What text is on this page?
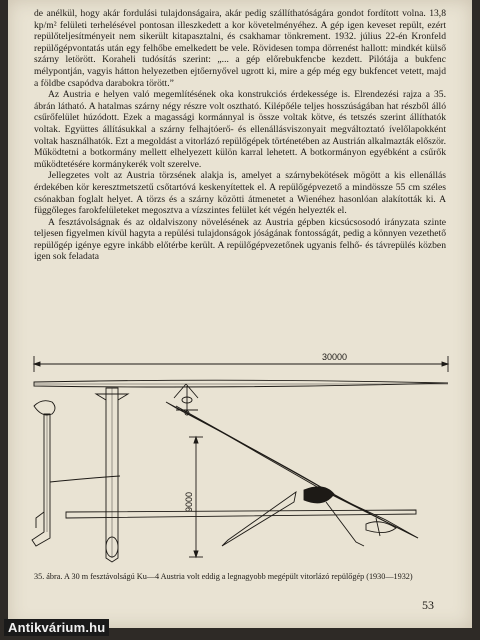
de anélkül, hogy akár fordulási tulajdonságaira, akár pedig szállíthatóságára gondot fordított volna. 13,8 kp/m² felületi terhelésével pontosan illeszkedett a kor követelményéhez. A gép igen keveset repült, ezért repülőteljesítményeit nem sikerült kitapasztalni, és csakhamar tönkrement. 1932. július 22-én Kronfeld repülőgépvontatás után egy felhőbe emelkedett be vele. Rövidesen tompa dörrenést hallott: mindkét külső szárny letörött. Koraheli tudósítás szerint: „... a gép előrebukfencbe kezdett. Pilótája a bukfenc mélypontján, vagyis hátton helyezetben ejtőernyővel ugrott ki, mire a gép még egy bukfencet vetett, majd a földbe csapódva darabokra törött.”

Az Austria e helyen való megemlítésének oka konstrukciós érdekessége is. Elrendezési rajza a 35. ábrán látható. A hatalmas szárny négy részre volt osztható. Kilépőéle teljes hosszúságában hat részből álló csűrőfelület húzódott. Ezek a magassági kormánnyal is össze voltak kötve, és tetszés szerint állíthatók voltak. Együttes állításukkal a szárny felhajtóerő- és ellenállásviszonyait megváltoztató ívelőlapokként voltak használhatók. Ezt a megoldást a vitorlázó repülőgépek történetében az Austrián alkalmazták először. Működtetni a botkormány mellett elhelyezett külön karral lehetett. A botkormányon egyébként a csűrők működtetésére kormánykerék volt szerelve.

Jellegzetes volt az Austria törzsének alakja is, amelyet a szárnybekötések mögött a kis ellenállás érdekében kör keresztmetszetű csőtartóvá keskenyítettek el. A repülőgépvezető a mindössze 55 cm széles csónakban foglalt helyet. A törzs és a szárny közötti átmenetet a Wienéhez hasonlóan alakították ki. A függőleges farokfelületeket megosztva a vízszintes felület két végén helyezték el.

A fesztávolságnak és az oldalviszony növelésének az Austria gépben kicsúcsosodó irányzata szinte teljesen figyelmen kívül hagyta a repülési tulajdonságok jóságának fontosságát, pedig a könnyen vezethető repülőgép igénye egyre inkább előtérbe került. A repülőgépvezetőnek ugyanis felhő- és távrepülés közben igen sok feladata

30000
9000
35. ábra. A 30 m fesztávolságú Ku—4 Austria volt eddig a legnagyobb megépült vitorlázó repülőgép (1930—1932)
53
Antikvárium.hu
